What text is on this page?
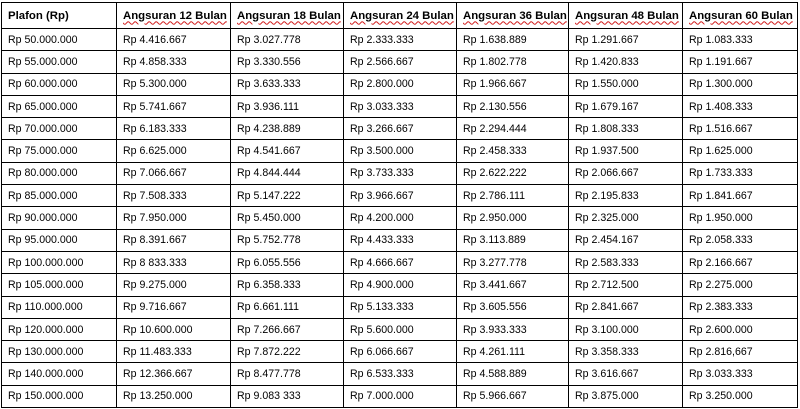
Plafon (Rp)	Angsuran 12 Bulan	Angsuran 18 Bulan	Angsuran 24 Bulan	Angsuran 36 Bulan	Angsuran 48 Bulan	Angsuran 60 Bulan
Rp 50.000.000	Rp 4.416.667	Rp 3.027.778	Rp 2.333.333	Rp 1.638.889	Rp 1.291.667	Rp 1.083.333
Rp 55.000.000	Rp 4.858.333	Rp 3.330.556	Rp 2.566.667	Rp 1.802.778	Rp 1.420.833	Rp 1.191.667
Rp 60.000.000	Rp 5.300.000	Rp 3.633.333	Rp 2.800.000	Rp 1.966.667	Rp 1.550.000	Rp 1.300.000
Rp 65.000.000	Rp 5.741.667	Rp 3.936.111	Rp 3.033.333	Rp 2.130.556	Rp 1.679.167	Rp 1.408.333
Rp 70.000.000	Rp 6.183.333	Rp 4.238.889	Rp 3.266.667	Rp 2.294.444	Rp 1.808.333	Rp 1.516.667
Rp 75.000.000	Rp 6.625.000	Rp 4.541.667	Rp 3.500.000	Rp 2.458.333	Rp 1.937.500	Rp 1.625.000
Rp 80.000.000	Rp 7.066.667	Rp 4.844.444	Rp 3.733.333	Rp 2.622.222	Rp 2.066.667	Rp 1.733.333
Rp 85.000.000	Rp 7.508.333	Rp 5.147.222	Rp 3.966.667	Rp 2.786.111	Rp 2.195.833	Rp 1.841.667
Rp 90.000.000	Rp 7.950.000	Rp 5.450.000	Rp 4.200.000	Rp 2.950.000	Rp 2.325.000	Rp 1.950.000
Rp 95.000.000	Rp 8.391.667	Rp 5.752.778	Rp 4.433.333	Rp 3.113.889	Rp 2.454.167	Rp 2.058.333
Rp 100.000.000	Rp 8 833.333	Rp 6.055.556	Rp 4.666.667	Rp 3.277.778	Rp 2.583.333	Rp 2.166.667
Rp 105.000.000	Rp 9.275.000	Rp 6.358.333	Rp 4.900.000	Rp 3.441.667	Rp 2.712.500	Rp 2.275.000
Rp 110.000.000	Rp 9.716.667	Rp 6.661.111	Rp 5.133.333	Rp 3.605.556	Rp 2.841.667	Rp 2.383.333
Rp 120.000.000	Rp 10.600.000	Rp 7.266.667	Rp 5.600.000	Rp 3.933.333	Rp 3.100.000	Rp 2.600.000
Rp 130.000.000	Rp 11.483.333	Rp 7.872.222	Rp 6.066.667	Rp 4.261.111	Rp 3.358.333	Rp 2.816,667
Rp 140.000.000	Rp 12.366.667	Rp 8.477.778	Rp 6.533.333	Rp 4.588.889	Rp 3.616.667	Rp 3.033.333
Rp 150.000.000	Rp 13.250.000	Rp 9.083 333	Rp 7.000.000	Rp 5.966.667	Rp 3.875.000	Rp 3.250.000
